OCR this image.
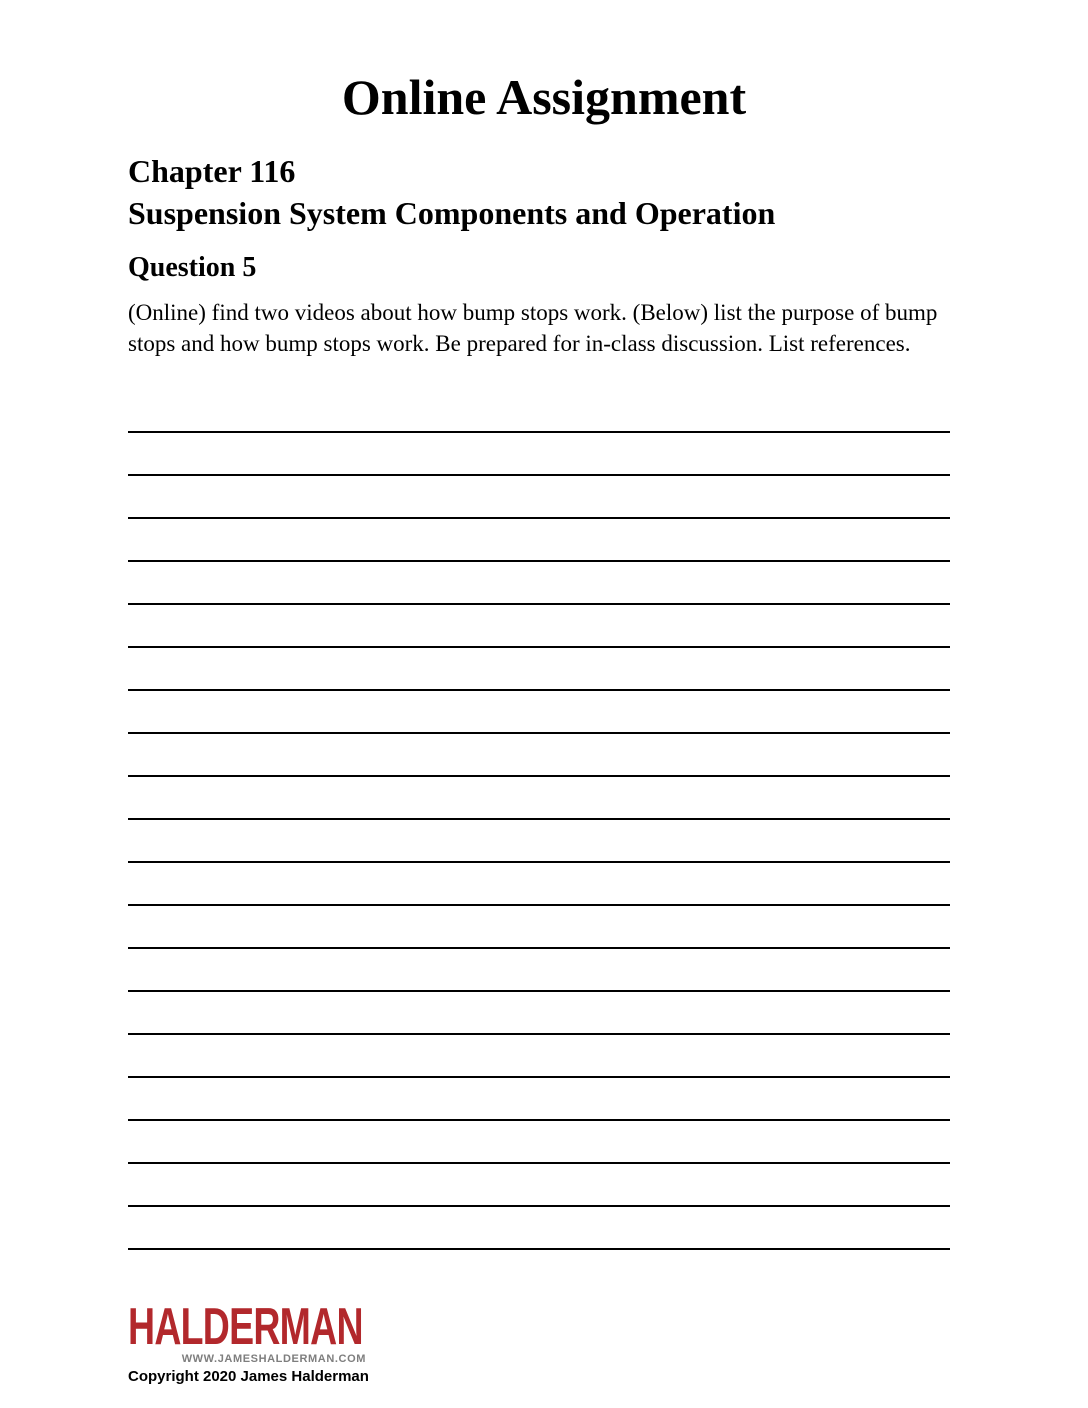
Online Assignment
Chapter 116
Suspension System Components and Operation
Question 5

(Online) find two videos about how bump stops work. (Below) list the purpose of bump stops and how bump stops work. Be prepared for in-class discussion. List references.

HALDERMAN
WWW.JAMESHALDERMAN.COM
Copyright 2020 James Halderman
